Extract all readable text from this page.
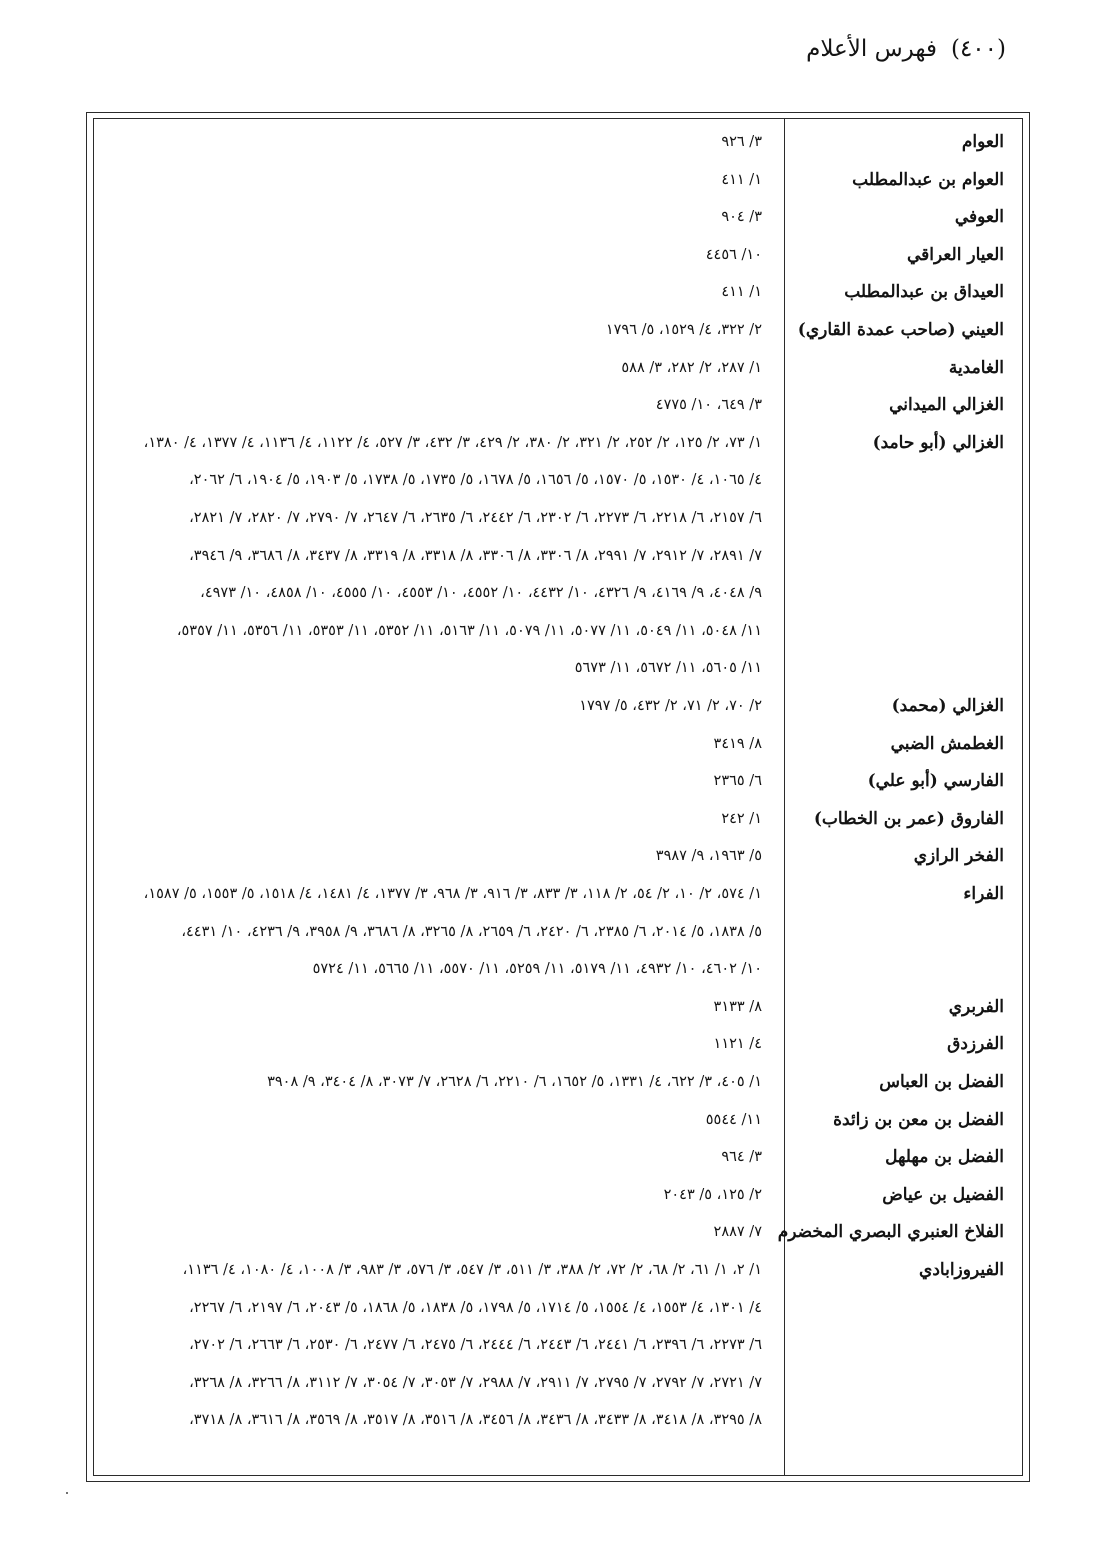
(٤٠٠)فهرس الأعلام
العوام
٣/ ٩٢٦
العوام بن عبدالمطلب
١/ ٤١١
العوفي
٣/ ٩٠٤
العيار العراقي
١٠/ ٤٤٥٦
العيداق بن عبدالمطلب
١/ ٤١١
العيني (صاحب عمدة القاري)
٢/ ٣٢٢، ٤/ ١٥٢٩، ٥/ ١٧٩٦
الغامدية
١/ ٢٨٧، ٢/ ٢٨٢، ٣/ ٥٨٨
الغزالي الميداني
٣/ ٦٤٩، ١٠/ ٤٧٧٥
الغزالي (أبو حامد)
١/ ٧٣، ٢/ ١٢٥، ٢/ ٢٥٢، ٢/ ٣٢١، ٢/ ٣٨٠، ٢/ ٤٢٩، ٣/ ٤٣٢، ٣/ ٥٢٧، ٤/ ١١٢٢، ٤/ ١١٣٦، ٤/ ١٣٧٧، ٤/ ١٣٨٠،
٤/ ١٠٦٥، ٤/ ١٥٣٠، ٥/ ١٥٧٠، ٥/ ١٦٥٦، ٥/ ١٦٧٨، ٥/ ١٧٣٥، ٥/ ١٧٣٨، ٥/ ١٩٠٣، ٥/ ١٩٠٤، ٦/ ٢٠٦٢،
٦/ ٢١٥٧، ٦/ ٢٢١٨، ٦/ ٢٢٧٣، ٦/ ٢٣٠٢، ٦/ ٢٤٤٢، ٦/ ٢٦٣٥، ٦/ ٢٦٤٧، ٧/ ٢٧٩٠، ٧/ ٢٨٢٠، ٧/ ٢٨٢١،
٧/ ٢٨٩١، ٧/ ٢٩١٢، ٧/ ٢٩٩١، ٨/ ٣٣٠٦، ٨/ ٣٣٠٦، ٨/ ٣٣١٨، ٨/ ٣٣١٩، ٨/ ٣٤٣٧، ٨/ ٣٦٨٦، ٩/ ٣٩٤٦،
٩/ ٤٠٤٨، ٩/ ٤١٦٩، ٩/ ٤٣٢٦، ١٠/ ٤٤٣٢، ١٠/ ٤٥٥٢، ١٠/ ٤٥٥٣، ١٠/ ٤٥٥٥، ١٠/ ٤٨٥٨، ١٠/ ٤٩٧٣،
١١/ ٥٠٤٨، ١١/ ٥٠٤٩، ١١/ ٥٠٧٧، ١١/ ٥٠٧٩، ١١/ ٥١٦٣، ١١/ ٥٣٥٢، ١١/ ٥٣٥٣، ١١/ ٥٣٥٦، ١١/ ٥٣٥٧،
١١/ ٥٦٠٥، ١١/ ٥٦٧٢، ١١/ ٥٦٧٣
الغزالي (محمد)
٢/ ٧٠، ٢/ ٧١، ٢/ ٤٣٢، ٥/ ١٧٩٧
الغطمش الضبي
٨/ ٣٤١٩
الفارسي (أبو علي)
٦/ ٢٣٦٥
الفاروق (عمر بن الخطاب)
١/ ٢٤٢
الفخر الرازي
٥/ ١٩٦٣، ٩/ ٣٩٨٧
الفراء
١/ ٥٧٤، ٢/ ١٠، ٢/ ٥٤، ٢/ ١١٨، ٣/ ٨٣٣، ٣/ ٩١٦، ٣/ ٩٦٨، ٣/ ١٣٧٧، ٤/ ١٤٨١، ٤/ ١٥١٨، ٥/ ١٥٥٣، ٥/ ١٥٨٧،
٥/ ١٨٣٨، ٥/ ٢٠١٤، ٦/ ٢٣٨٥، ٦/ ٢٤٢٠، ٦/ ٢٦٥٩، ٨/ ٣٢٦٥، ٨/ ٣٦٨٦، ٩/ ٣٩٥٨، ٩/ ٤٢٣٦، ١٠/ ٤٤٣١،
١٠/ ٤٦٠٢، ١٠/ ٤٩٣٢، ١١/ ٥١٧٩، ١١/ ٥٢٥٩، ١١/ ٥٥٧٠، ١١/ ٥٦٦٥، ١١/ ٥٧٢٤
الفربري
٨/ ٣١٣٣
الفرزدق
٤/ ١١٢١
الفضل بن العباس
١/ ٤٠٥، ٣/ ٦٢٢، ٤/ ١٣٣١، ٥/ ١٦٥٢، ٦/ ٢٢١٠، ٦/ ٢٦٢٨، ٧/ ٣٠٧٣، ٨/ ٣٤٠٤، ٩/ ٣٩٠٨
الفضل بن معن بن زائدة
١١/ ٥٥٤٤
الفضل بن مهلهل
٣/ ٩٦٤
الفضيل بن عياض
٢/ ١٢٥، ٥/ ٢٠٤٣
الفلاخ العنبري البصري المخضرم
٧/ ٢٨٨٧
الفيروزابادي
١/ ٢، ١/ ٦١، ٢/ ٦٨، ٢/ ٧٢، ٢/ ٣٨٨، ٣/ ٥١١، ٣/ ٥٤٧، ٣/ ٥٧٦، ٣/ ٩٨٣، ٣/ ١٠٠٨، ٤/ ١٠٨٠، ٤/ ١١٣٦،
٤/ ١٣٠١، ٤/ ١٥٥٣، ٤/ ١٥٥٤، ٥/ ١٧١٤، ٥/ ١٧٩٨، ٥/ ١٨٣٨، ٥/ ١٨٦٨، ٥/ ٢٠٤٣، ٦/ ٢١٩٧، ٦/ ٢٢٦٧،
٦/ ٢٢٧٣، ٦/ ٢٣٩٦، ٦/ ٢٤٤١، ٦/ ٢٤٤٣، ٦/ ٢٤٤٤، ٦/ ٢٤٧٥، ٦/ ٢٤٧٧، ٦/ ٢٥٣٠، ٦/ ٢٦٦٣، ٦/ ٢٧٠٢،
٧/ ٢٧٢١، ٧/ ٢٧٩٢، ٧/ ٢٧٩٥، ٧/ ٢٩١١، ٧/ ٢٩٨٨، ٧/ ٣٠٥٣، ٧/ ٣٠٥٤، ٧/ ٣١١٢، ٨/ ٣٢٦٦، ٨/ ٣٢٦٨،
٨/ ٣٢٩٥، ٨/ ٣٤١٨، ٨/ ٣٤٣٣، ٨/ ٣٤٣٦، ٨/ ٣٤٥٦، ٨/ ٣٥١٦، ٨/ ٣٥١٧، ٨/ ٣٥٦٩، ٨/ ٣٦١٦، ٨/ ٣٧١٨،
